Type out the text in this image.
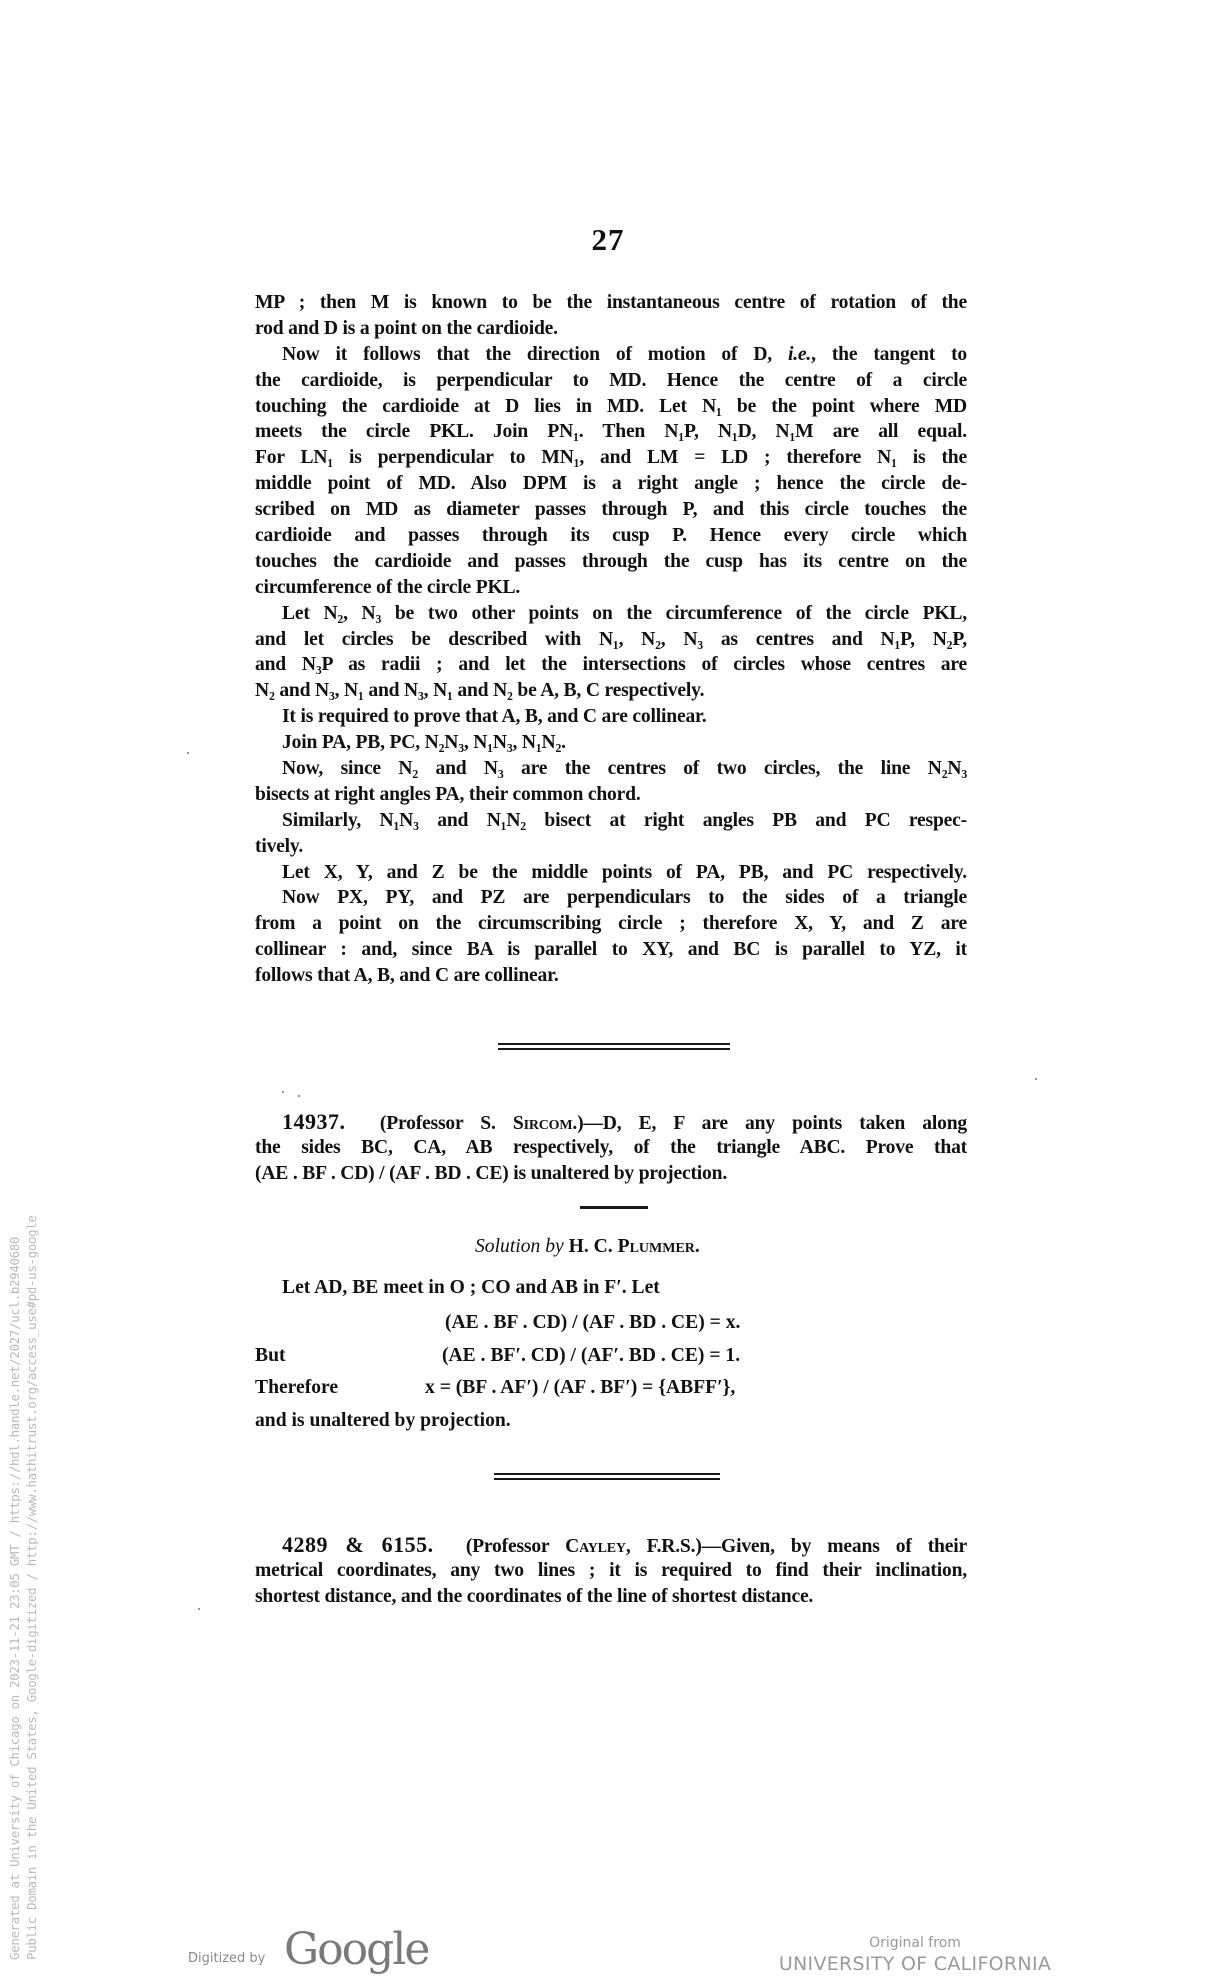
27
MP ; then M is known to be the instantaneous centre of rotation of the
rod and D is a point on the cardioide.
Now it follows that the direction of motion of D, i.e., the tangent to
the cardioide, is perpendicular to MD. Hence the centre of a circle
touching the cardioide at D lies in MD. Let N₁ be the point where MD
meets the circle PKL. Join PN₁. Then N₁P, N₁D, N₁M are all equal.
For LN₁ is perpendicular to MN₁, and LM = LD ; therefore N₁ is the
middle point of MD. Also DPM is a right angle ; hence the circle de-
scribed on MD as diameter passes through P, and this circle touches the
cardioide and passes through its cusp P. Hence every circle which
touches the cardioide and passes through the cusp has its centre on the
circumference of the circle PKL.
Let N₂, N₃ be two other points on the circumference of the circle PKL,
and let circles be described with N₁, N₂, N₃ as centres and N₁P, N₂P,
and N₃P as radii ; and let the intersections of circles whose centres are
N₂ and N₃, N₁ and N₃, N₁ and N₂ be A, B, C respectively.
It is required to prove that A, B, and C are collinear.
Join PA, PB, PC, N₂N₃, N₁N₃, N₁N₂.
Now, since N₂ and N₃ are the centres of two circles, the line N₂N₃
bisects at right angles PA, their common chord.
Similarly, N₁N₃ and N₁N₂ bisect at right angles PB and PC respec-
tively.
Let X, Y, and Z be the middle points of PA, PB, and PC respectively.
Now PX, PY, and PZ are perpendiculars to the sides of a triangle
from a point on the circumscribing circle ; therefore X, Y, and Z are
collinear : and, since BA is parallel to XY, and BC is parallel to YZ, it
follows that A, B, and C are collinear.
14937. (Professor S. Sircom.)—D, E, F are any points taken along
the sides BC, CA, AB respectively, of the triangle ABC. Prove that
(AE . BF . CD) / (AF . BD . CE) is unaltered by projection.
Solution by H. C. Plummer.
Let AD, BE meet in O ; CO and AB in F′. Let
(AE . BF . CD) / (AF . BD . CE) = x.
But	(AE . BF′. CD) / (AF′. BD . CE) = 1.
Therefore	x = (BF . AF′) / (AF . BF′) = {ABFF′},
and is unaltered by projection.
4289 & 6155. (Professor Cayley, F.R.S.)—Given, by means of their
metrical coordinates, any two lines ; it is required to find their inclination,
shortest distance, and the coordinates of the line of shortest distance.
Generated at University of Chicago on 2023-11-21 23:05 GMT / https://hdl.handle.net/2027/ucl.b2940680 Public Domain in the United States, Google-digitized / http://www.hathitrust.org/access_use#pd-us-google	Digitized by Google	Original from
UNIVERSITY OF CALIFORNIA
